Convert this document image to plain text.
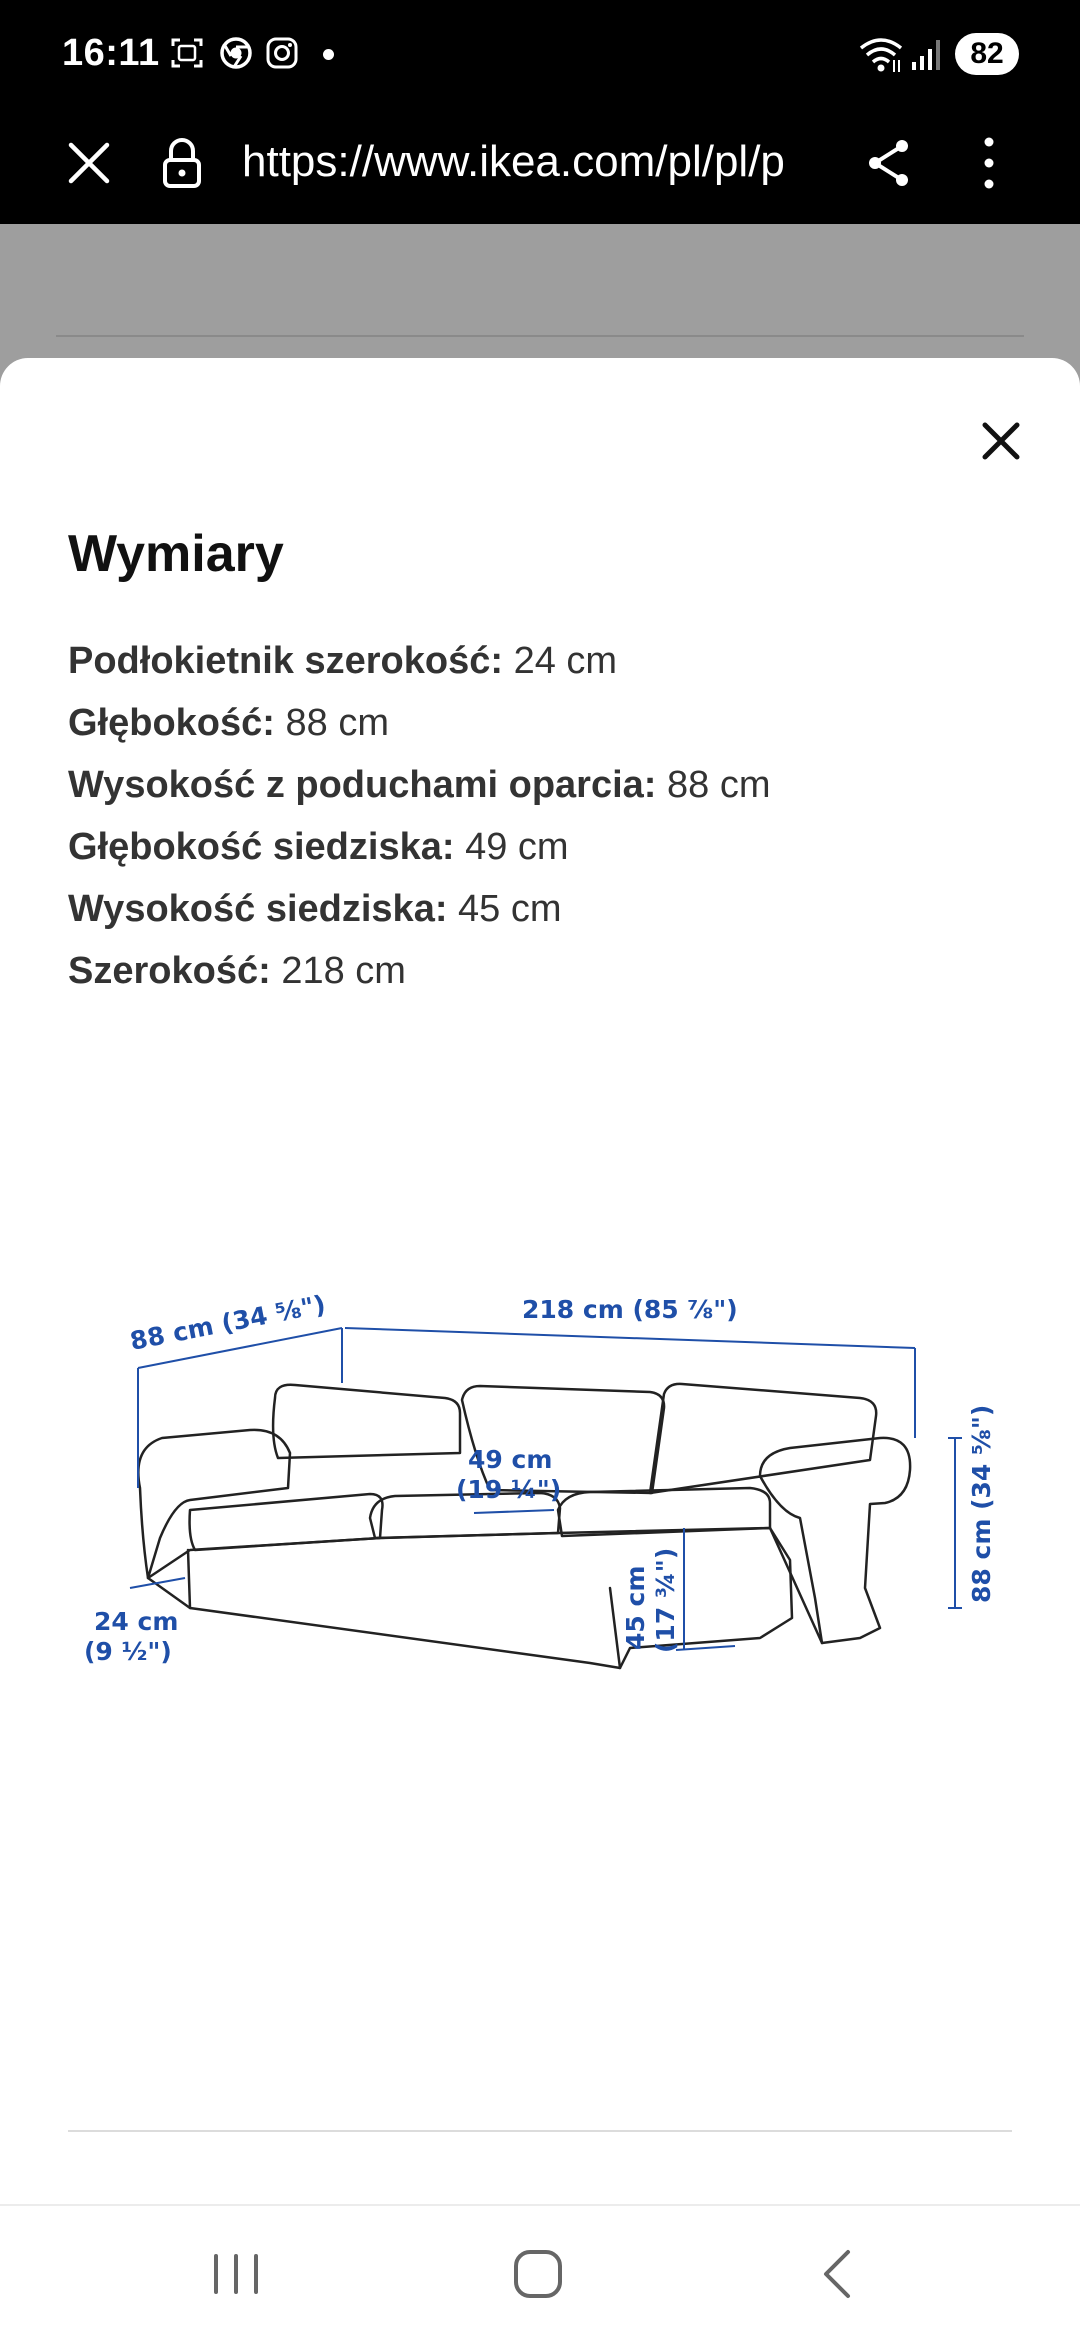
16:11	82
https://www.ikea.com/pl/pl/p
Wymiary
Podłokietnik szerokość: 24 cm
Głębokość: 88 cm
Wysokość z poduchami oparcia: 88 cm
Głębokość siedziska: 49 cm
Wysokość siedziska: 45 cm
Szerokość: 218 cm
88 cm (34 ⅝")	218 cm (85 ⅞")
49 cm
(19 ¼")	88 cm (34 ⅝")
45 cm (17 ¾")
24 cm
(9 ½")
